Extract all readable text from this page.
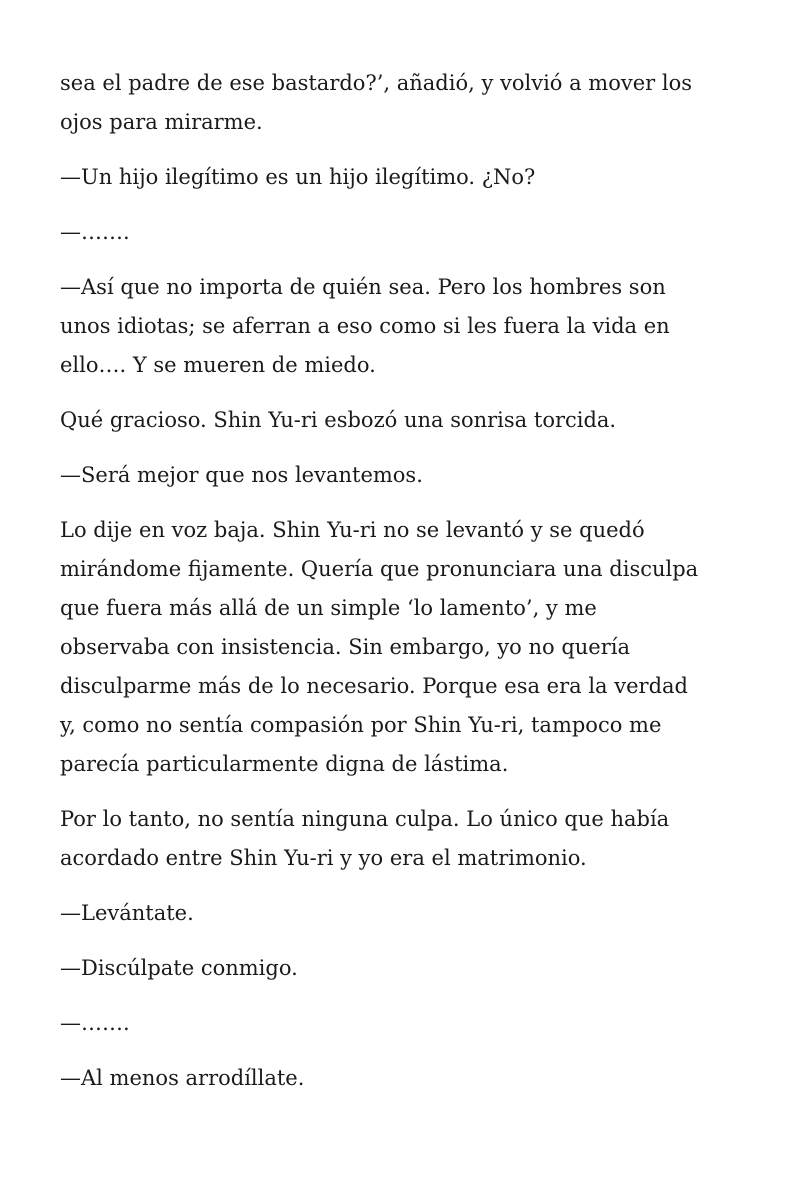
sea el padre de ese bastardo?’, añadió, y volvió a mover los
ojos para mirarme.

—Un hijo ilegítimo es un hijo ilegítimo. ¿No?

—…….

—Así que no importa de quién sea. Pero los hombres son
unos idiotas; se aferran a eso como si les fuera la vida en
ello…. Y se mueren de miedo.

Qué gracioso. Shin Yu-ri esbozó una sonrisa torcida.

—Será mejor que nos levantemos.

Lo dije en voz baja. Shin Yu-ri no se levantó y se quedó
mirándome fijamente. Quería que pronunciara una disculpa
que fuera más allá de un simple ‘lo lamento’, y me
observaba con insistencia. Sin embargo, yo no quería
disculparme más de lo necesario. Porque esa era la verdad
y, como no sentía compasión por Shin Yu-ri, tampoco me
parecía particularmente digna de lástima.

Por lo tanto, no sentía ninguna culpa. Lo único que había
acordado entre Shin Yu-ri y yo era el matrimonio.

—Levántate.

—Discúlpate conmigo.

—…….

—Al menos arrodíllate.
